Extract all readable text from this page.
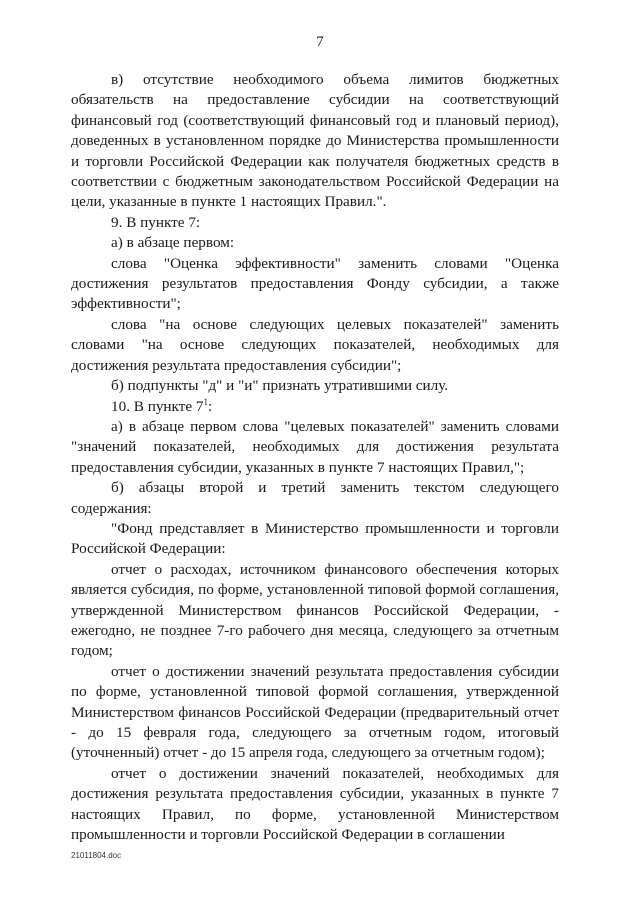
7

в) отсутствие необходимого объема лимитов бюджетных обязательств на предоставление субсидии на соответствующий финансовый год (соответствующий финансовый год и плановый период), доведенных в установленном порядке до Министерства промышленности и торговли Российской Федерации как получателя бюджетных средств в соответствии с бюджетным законодательством Российской Федерации на цели, указанные в пункте 1 настоящих Правил.".

9. В пункте 7:

а) в абзаце первом:

слова "Оценка эффективности" заменить словами "Оценка достижения результатов предоставления Фонду субсидии, а также эффективности";

слова "на основе следующих целевых показателей" заменить словами "на основе следующих показателей, необходимых для достижения результата предоставления субсидии";

б) подпункты "д" и "и" признать утратившими силу.

10. В пункте $7^1$:

а) в абзаце первом слова "целевых показателей" заменить словами "значений показателей, необходимых для достижения результата предоставления субсидии, указанных в пункте 7 настоящих Правил,";

б) абзацы второй и третий заменить текстом следующего содержания:

"Фонд представляет в Министерство промышленности и торговли Российской Федерации:

отчет о расходах, источником финансового обеспечения которых является субсидия, по форме, установленной типовой формой соглашения, утвержденной Министерством финансов Российской Федерации, - ежегодно, не позднее 7-го рабочего дня месяца, следующего за отчетным годом;

отчет о достижении значений результата предоставления субсидии по форме, установленной типовой формой соглашения, утвержденной Министерством финансов Российской Федерации (предварительный отчет - до 15 февраля года, следующего за отчетным годом, итоговый (уточненный) отчет - до 15 апреля года, следующего за отчетным годом);

отчет о достижении значений показателей, необходимых для достижения результата предоставления субсидии, указанных в пункте 7 настоящих Правил, по форме, установленной Министерством промышленности и торговли Российской Федерации в соглашении

21011804.doc
